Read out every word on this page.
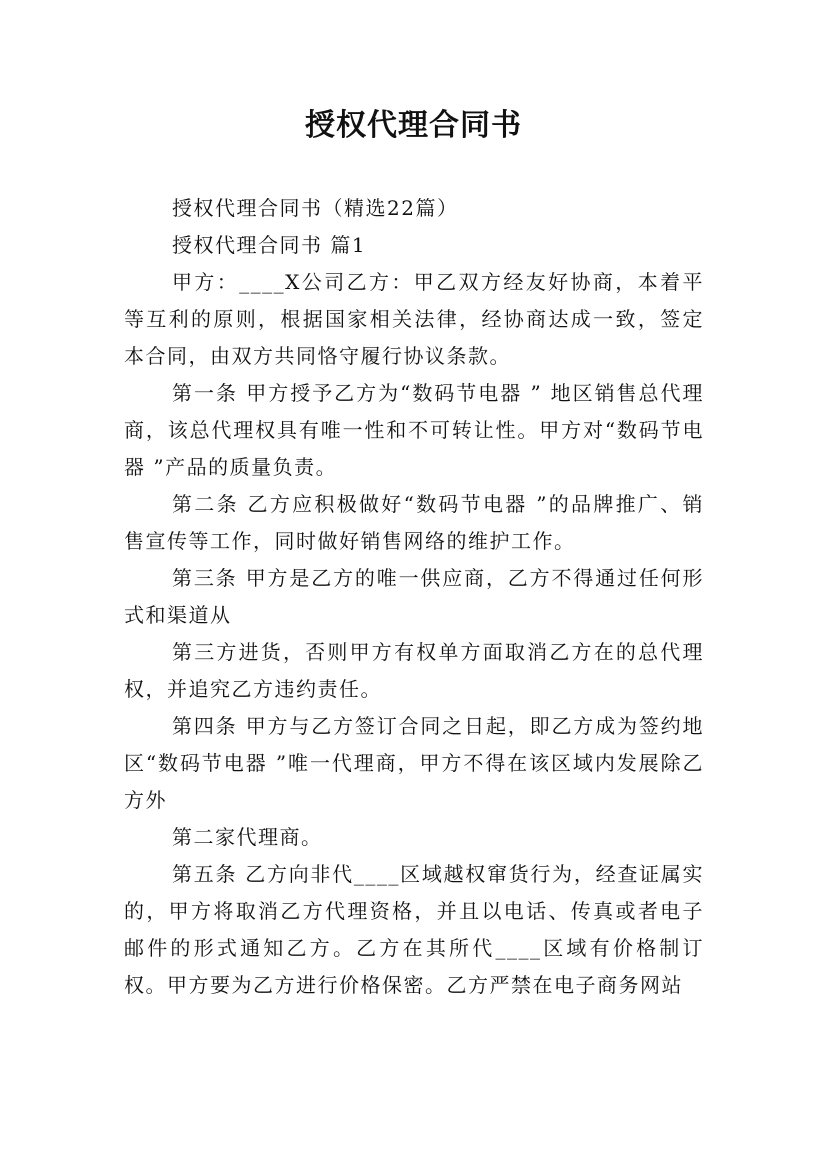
授权代理合同书

授权代理合同书（精选22篇）

授权代理合同书 篇1

甲方：____X公司乙方：甲乙双方经友好协商，本着平等互利的原则，根据国家相关法律，经协商达成一致，签定本合同，由双方共同恪守履行协议条款。

第一条 甲方授予乙方为“数码节电器 ” 地区销售总代理商，该总代理权具有唯一性和不可转让性。甲方对“数码节电器 ”产品的质量负责。

第二条 乙方应积极做好“数码节电器 ”的品牌推广、销售宣传等工作，同时做好销售网络的维护工作。

第三条 甲方是乙方的唯一供应商，乙方不得通过任何形式和渠道从

第三方进货，否则甲方有权单方面取消乙方在的总代理权，并追究乙方违约责任。

第四条 甲方与乙方签订合同之日起，即乙方成为签约地区“数码节电器 ”唯一代理商，甲方不得在该区域内发展除乙方外

第二家代理商。

第五条 乙方向非代____区域越权窜货行为，经查证属实的，甲方将取消乙方代理资格，并且以电话、传真或者电子邮件的形式通知乙方。乙方在其所代____区域有价格制订权。甲方要为乙方进行价格保密。乙方严禁在电子商务网站
